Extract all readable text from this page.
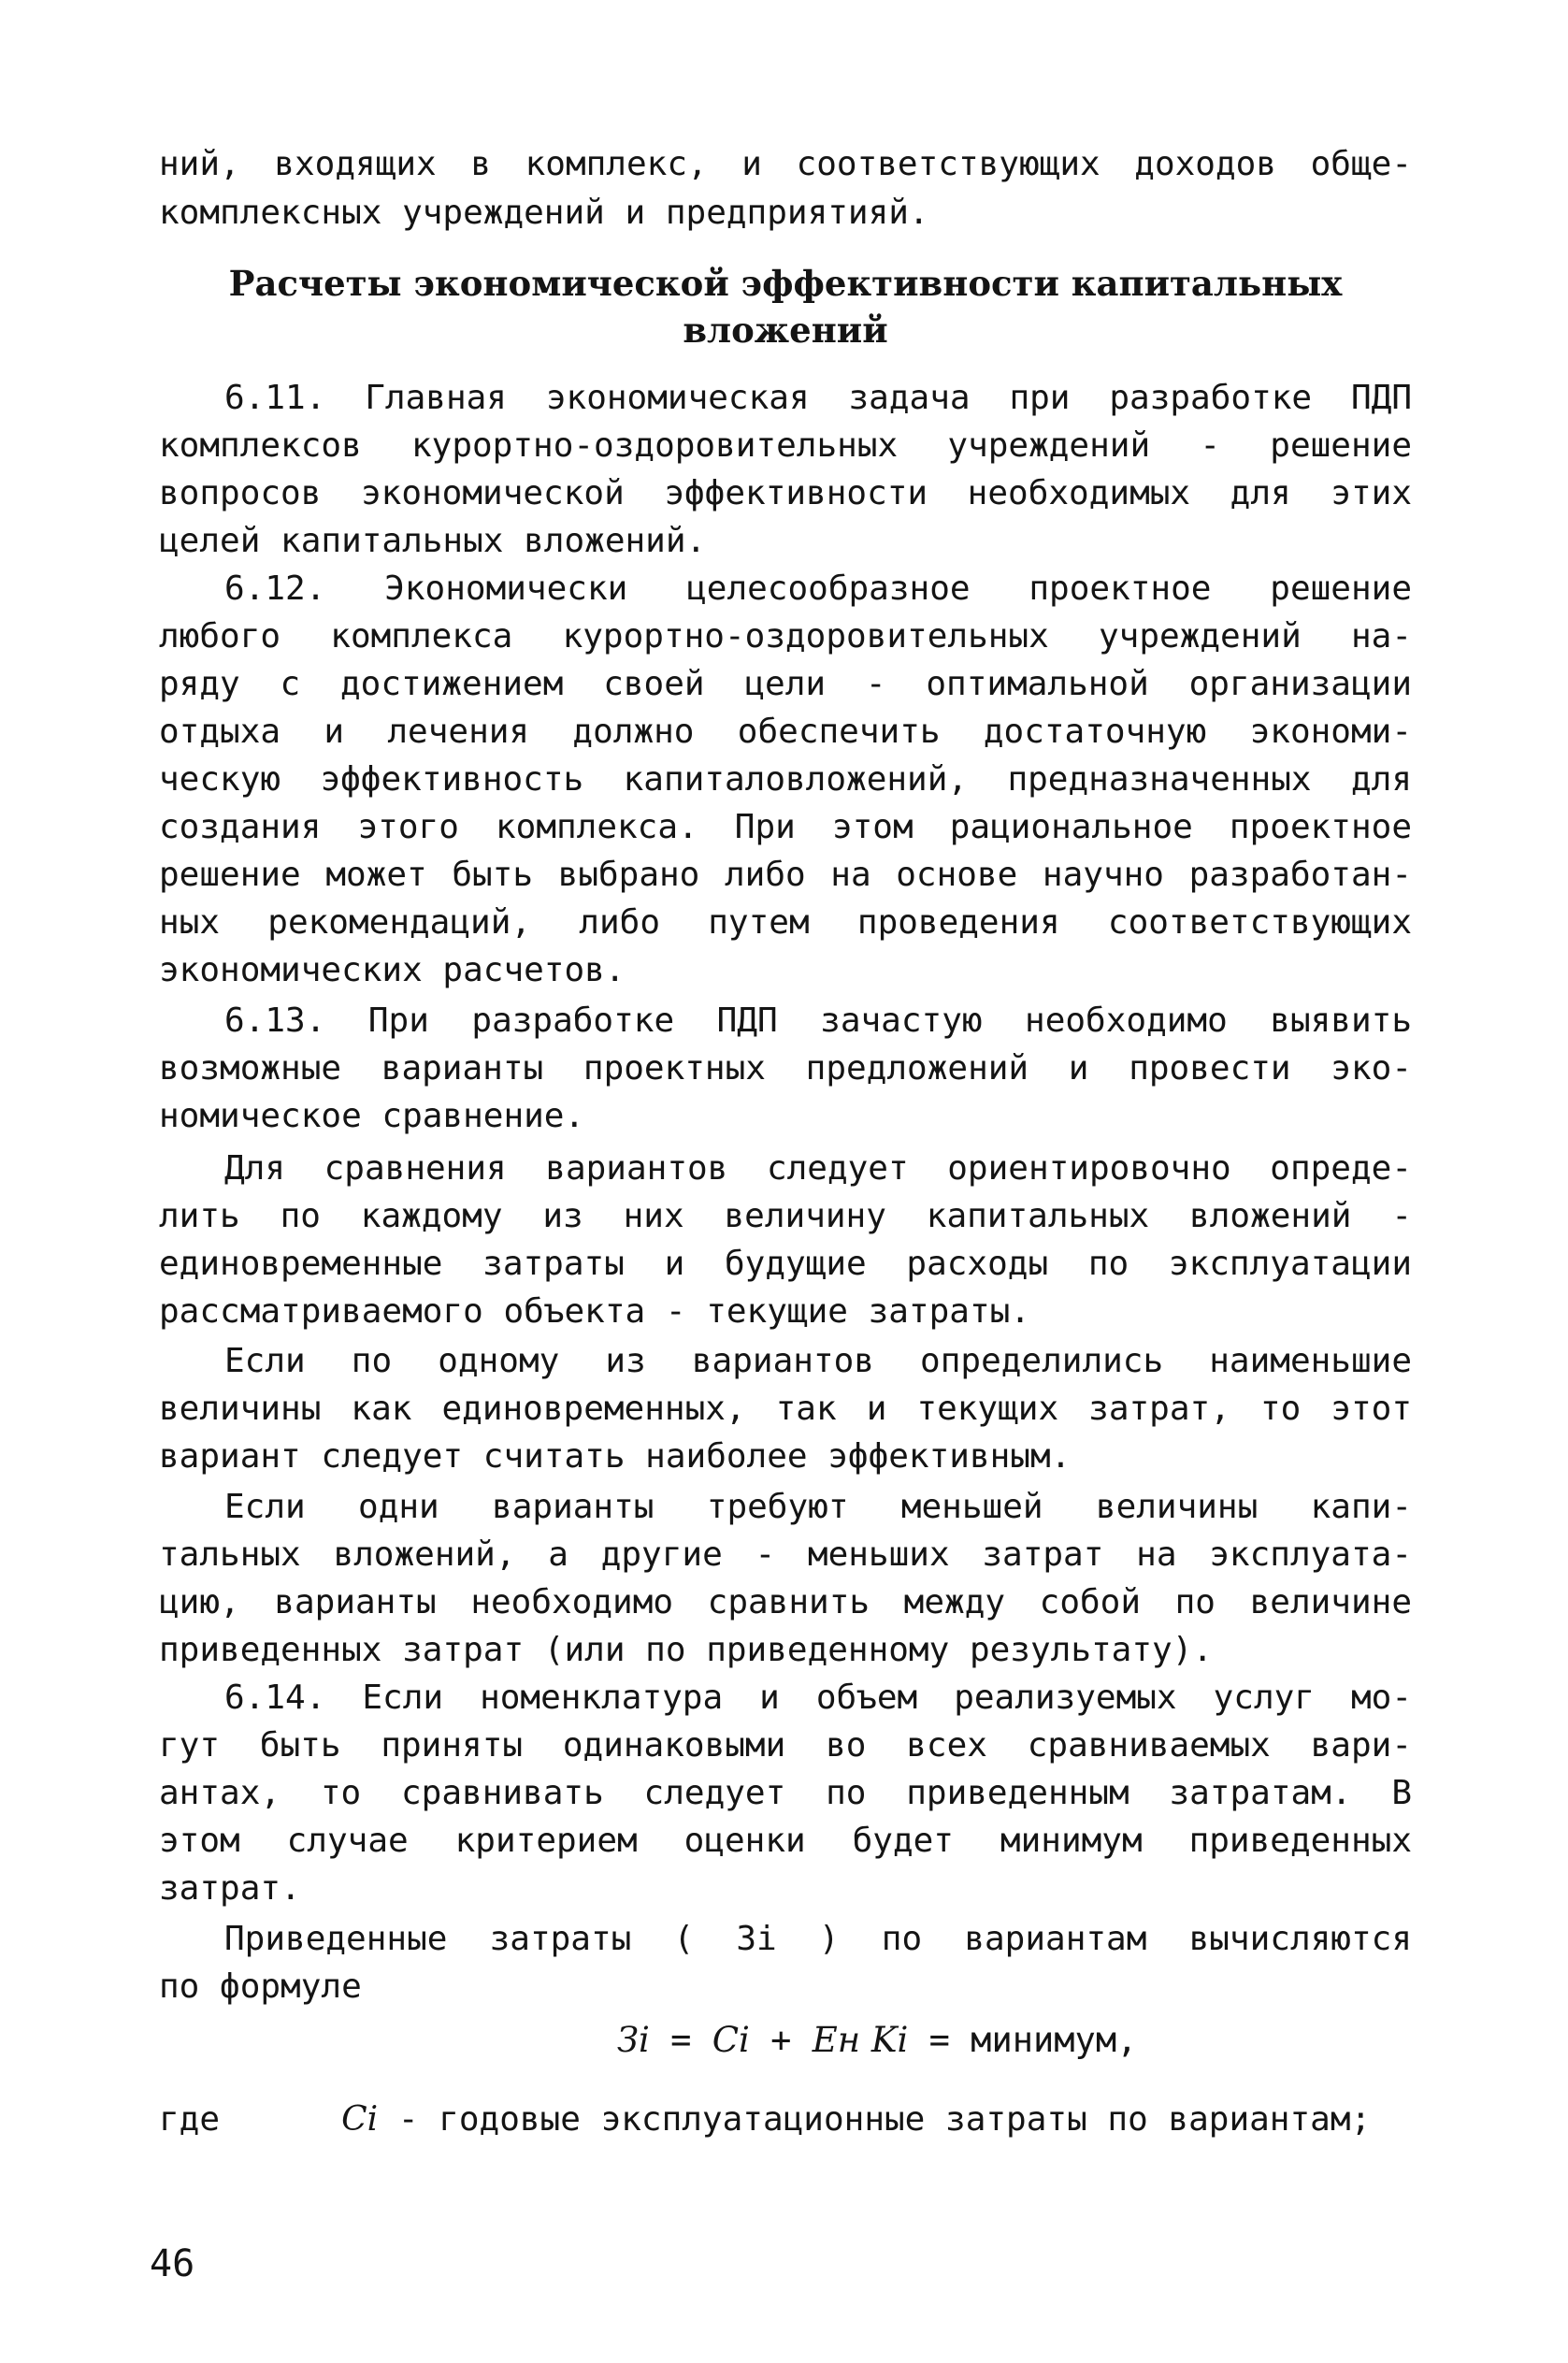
ний, входящих в комплекс, и соответствующих доходов обще-
комплексных учреждений и предприятияй.
Расчеты экономической эффективности капитальных
вложений
6.11. Главная экономическая задача при разработке ПДП
комплексов курортно-оздоровительных учреждений - решение
вопросов экономической эффективности необходимых для этих
целей капитальных вложений.
6.12. Экономически целесообразное проектное решение
любого комплекса курортно-оздоровительных учреждений на-
ряду с достижением своей цели - оптимальной организации
отдыха и лечения должно обеспечить достаточную экономи-
ческую эффективность капиталовложений, предназначенных для
создания этого комплекса. При этом рациональное проектное
решение может быть выбрано либо на основе научно разработан-
ных рекомендаций, либо путем проведения соответствующих
экономических расчетов.
6.13. При разработке ПДП зачастую необходимо выявить
возможные варианты проектных предложений и провести эко-
номическое сравнение.
Для сравнения вариантов следует ориентировочно опреде-
лить по каждому из них величину капитальных вложений -
единовременные затраты и будущие расходы по эксплуатации
рассматриваемого объекта - текущие затраты.
Если по одному из вариантов определились наименьшие
величины как единовременных, так и текущих затрат, то этот
вариант следует считать наиболее эффективным.
Если одни варианты требуют меньшей величины капи-
тальных вложений, а другие - меньших затрат на эксплуата-
цию, варианты необходимо сравнить между собой по величине
приведенных затрат (или по приведенному результату).
6.14. Если номенклатура и объем реализуемых услуг мо-
гут быть приняты одинаковыми во всех сравниваемых вари-
антах, то сравнивать следует по приведенным затратам. В
этом случае критерием оценки будет минимум приведенных
затрат.
Приведенные затраты ( Зi ) по вариантам вычисляются
по формуле
Зi = Ci + Eн Ki = минимум,
где	Ci - годовые эксплуатационные затраты по вариантам;
46
